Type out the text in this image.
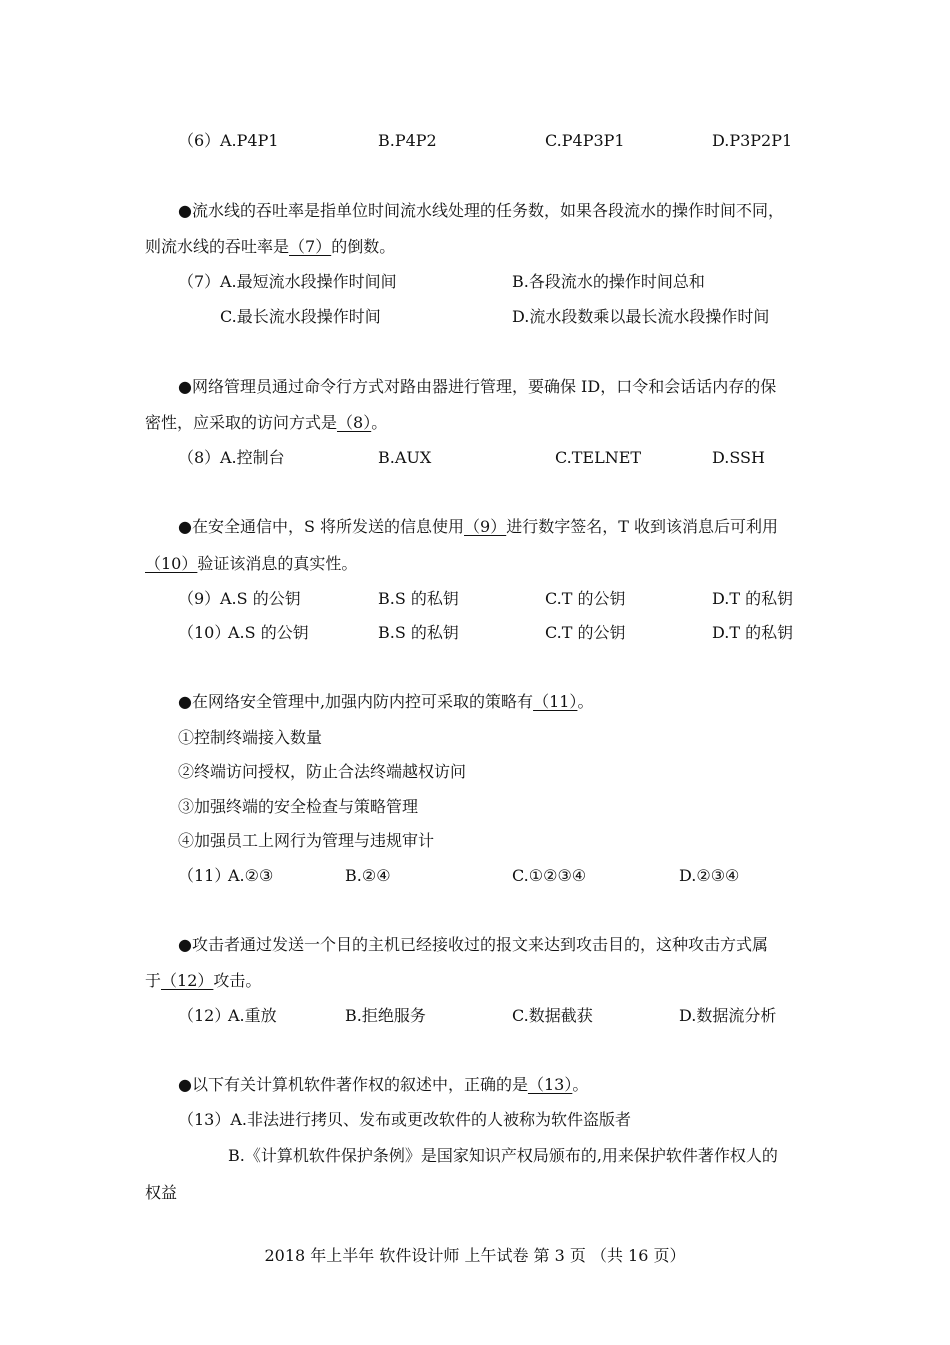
（6） A.P4P1	B.P4P2	C.P4P3P1	D.P3P2P1
●流水线的吞吐率是指单位时间流水线处理的任务数，如果各段流水的操作时间不同，
则流水线的吞吐率是（7）的倒数。
（7） A.最短流水段操作时间间	B.各段流水的操作时间总和
C.最长流水段操作时间	D.流水段数乘以最长流水段操作时间
●网络管理员通过命令行方式对路由器进行管理，要确保 ID，口令和会话话内存的保
密性，应采取的访问方式是（8）。
（8） A.控制台	B.AUX	C.TELNET	D.SSH
●在安全通信中，S 将所发送的信息使用（9）进行数字签名，T 收到该消息后可利用
（10）验证该消息的真实性。
（9） A.S 的公钥	B.S 的私钥	C.T 的公钥	D.T 的私钥
（10）
A.S 的公钥	B.S 的私钥	C.T 的公钥	D.T 的私钥
●在网络安全管理中,加强内防内控可采取的策略有（11）。
①控制终端接入数量
②终端访问授权，防止合法终端越权访问
③加强终端的安全检查与策略管理
④加强员工上网行为管理与违规审计
（11）
A.②③	B.②④	C.①②③④	D.②③④
●攻击者通过发送一个目的主机已经接收过的报文来达到攻击目的，这种攻击方式属
于（12）攻击。
（12）
A.重放	B.拒绝服务	C.数据截获	D.数据流分析
●以下有关计算机软件著作权的叙述中，正确的是（13）。
（13）A.非法进行拷贝、发布或更改软件的人被称为软件盗版者
B.《计算机软件保护条例》是国家知识产权局颁布的,用来保护软件著作权人的
权益
2018 年上半年 软件设计师 上午试卷 第 3 页 （共 16 页）
